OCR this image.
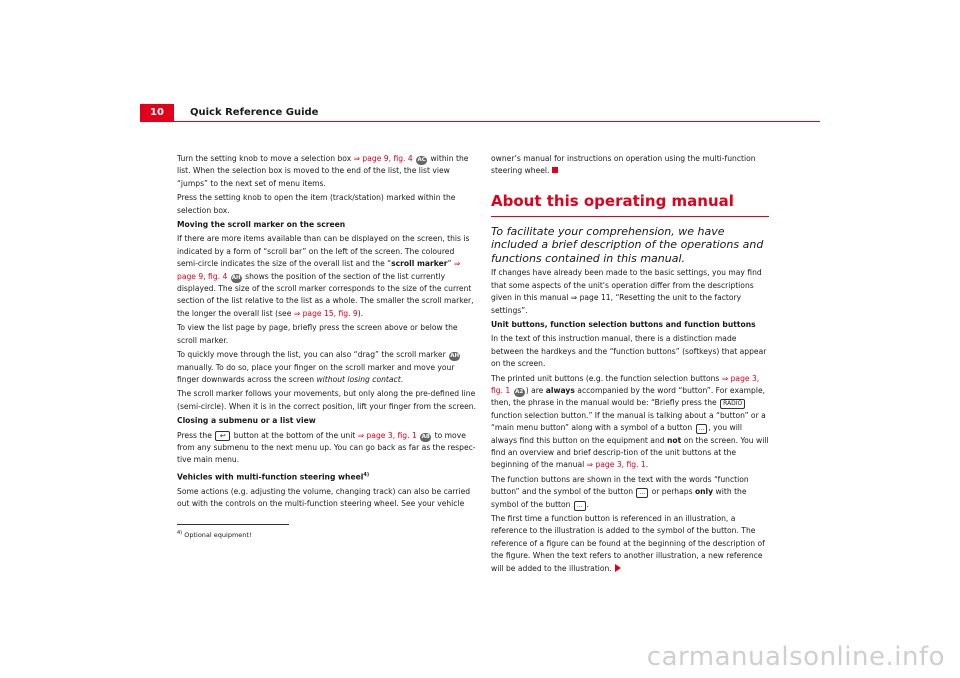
10	Quick Reference Guide

Turn the setting knob to move a selection box ⇒ page 9, fig. 4 AC within the list. When the selection box is moved to the end of the list, the list view “jumps” to the next set of menu items.

Press the setting knob to open the item (track/station) marked within the selection box.

Moving the scroll marker on the screen

If there are more items available than can be displayed on the screen, this is indicated by a form of “scroll bar” on the left of the screen. The coloured semi-circle indicates the size of the overall list and the “scroll marker” ⇒ page 9, fig. 4 AH shows the position of the section of the list currently displayed. The size of the scroll marker corresponds to the size of the current section of the list relative to the list as a whole. The smaller the scroll marker, the longer the overall list (see ⇒ page 15, fig. 9).

To view the list page by page, briefly press the screen above or below the scroll marker.

To quickly move through the list, you can also “drag” the scroll marker AH manually. To do so, place your finger on the scroll marker and move your finger downwards across the screen without losing contact.

The scroll marker follows your movements, but only along the pre-defined line (semi-circle). When it is in the correct position, lift your finger from the screen.

Closing a submenu or a list view

Press the ↩ button at the bottom of the unit ⇒ page 3, fig. 1 A8 to move from any submenu to the next menu up. You can go back as far as the respec-tive main menu.

Vehicles with multi-function steering wheel$^{4)}$

Some actions (e.g. adjusting the volume, changing track) can also be carried out with the controls on the multi-function steering wheel. See your vehicle

owner’s manual for instructions on operation using the multi-function steering wheel.

About this operating manual

To facilitate your comprehension, we have included a brief description of the operations and functions contained in this manual.

If changes have already been made to the basic settings, you may find that some aspects of the unit's operation differ from the descriptions given in this manual ⇒ page 11, “Resetting the unit to the factory settings”.

Unit buttons, function selection buttons and function buttons

In the text of this instruction manual, there is a distinction made between the hardkeys and the “function buttons” (softkeys) that appear on the screen.

The printed unit buttons (e.g. the function selection buttons ⇒ page 3, fig. 1 A2 ) are always accompanied by the word “button”. For example, then, the phrase in the manual would be: “Briefly press the RADIO function selection button.” If the manual is talking about a “button” or a “main menu button” along with a symbol of a button ... , you will always find this button on the equipment and not on the screen. You will find an overview and brief descrip-tion of the unit buttons at the beginning of the manual ⇒ page 3, fig. 1.

The function buttons are shown in the text with the words “function button” and the symbol of the button ... or perhaps only with the symbol of the button ... .

The first time a function button is referenced in an illustration, a reference to the illustration is added to the symbol of the button. The reference of a figure can be found at the beginning of the description of the figure. When the text refers to another illustration, a new reference will be added to the illustration.

$^{4)}$ Optional equipment!
carmanualsonline.info
